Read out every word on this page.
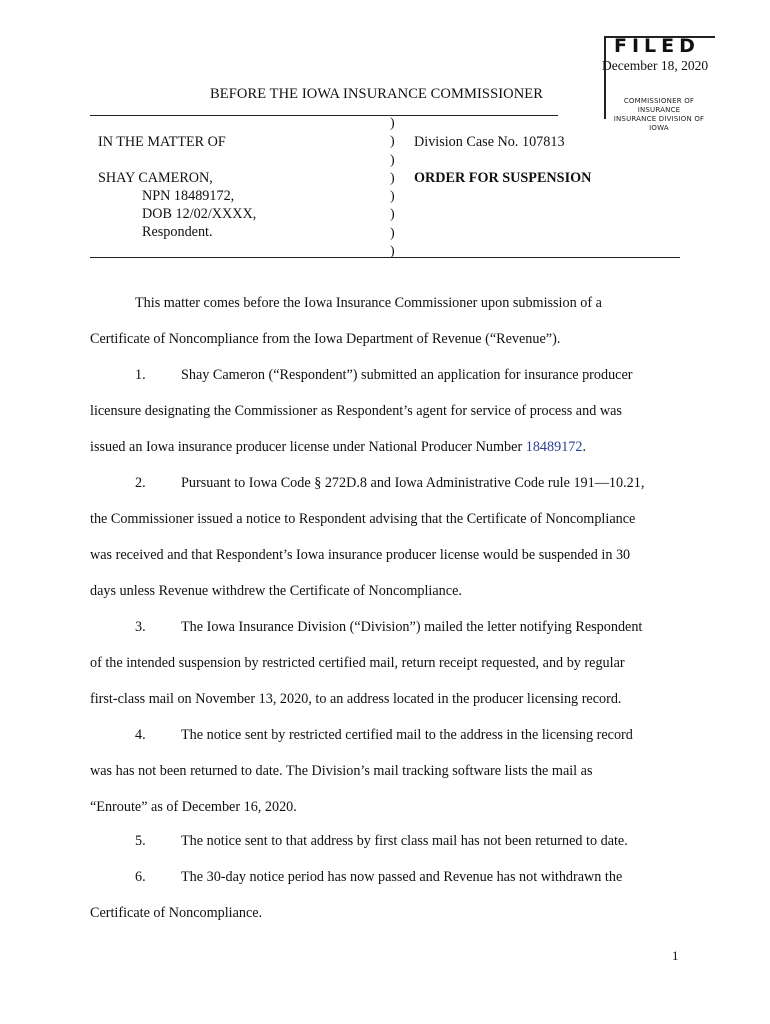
FILED
December 18, 2020
COMMISSIONER OF INSURANCE
INSURANCE DIVISION OF IOWA
BEFORE THE IOWA INSURANCE COMMISSIONER
)
)
)
)
)
)
)
)
IN THE MATTER OF
SHAY CAMERON,
NPN 18489172,
DOB 12/02/XXXX,
Respondent.
Division Case No. 107813
ORDER FOR SUSPENSION
This matter comes before the Iowa Insurance Commissioner upon submission of a
Certificate of Noncompliance from the Iowa Department of Revenue (“Revenue”).
1. Shay Cameron (“Respondent”) submitted an application for insurance producer
licensure designating the Commissioner as Respondent’s agent for service of process and was
issued an Iowa insurance producer license under National Producer Number 18489172.
2. Pursuant to Iowa Code § 272D.8 and Iowa Administrative Code rule 191—10.21,
the Commissioner issued a notice to Respondent advising that the Certificate of Noncompliance
was received and that Respondent’s Iowa insurance producer license would be suspended in 30
days unless Revenue withdrew the Certificate of Noncompliance.
3. The Iowa Insurance Division (“Division”) mailed the letter notifying Respondent
of the intended suspension by restricted certified mail, return receipt requested, and by regular
first-class mail on November 13, 2020, to an address located in the producer licensing record.
4. The notice sent by restricted certified mail to the address in the licensing record
was has not been returned to date. The Division’s mail tracking software lists the mail as
“Enroute” as of December 16, 2020.
5. The notice sent to that address by first class mail has not been returned to date.
6. The 30-day notice period has now passed and Revenue has not withdrawn the
Certificate of Noncompliance.
1
